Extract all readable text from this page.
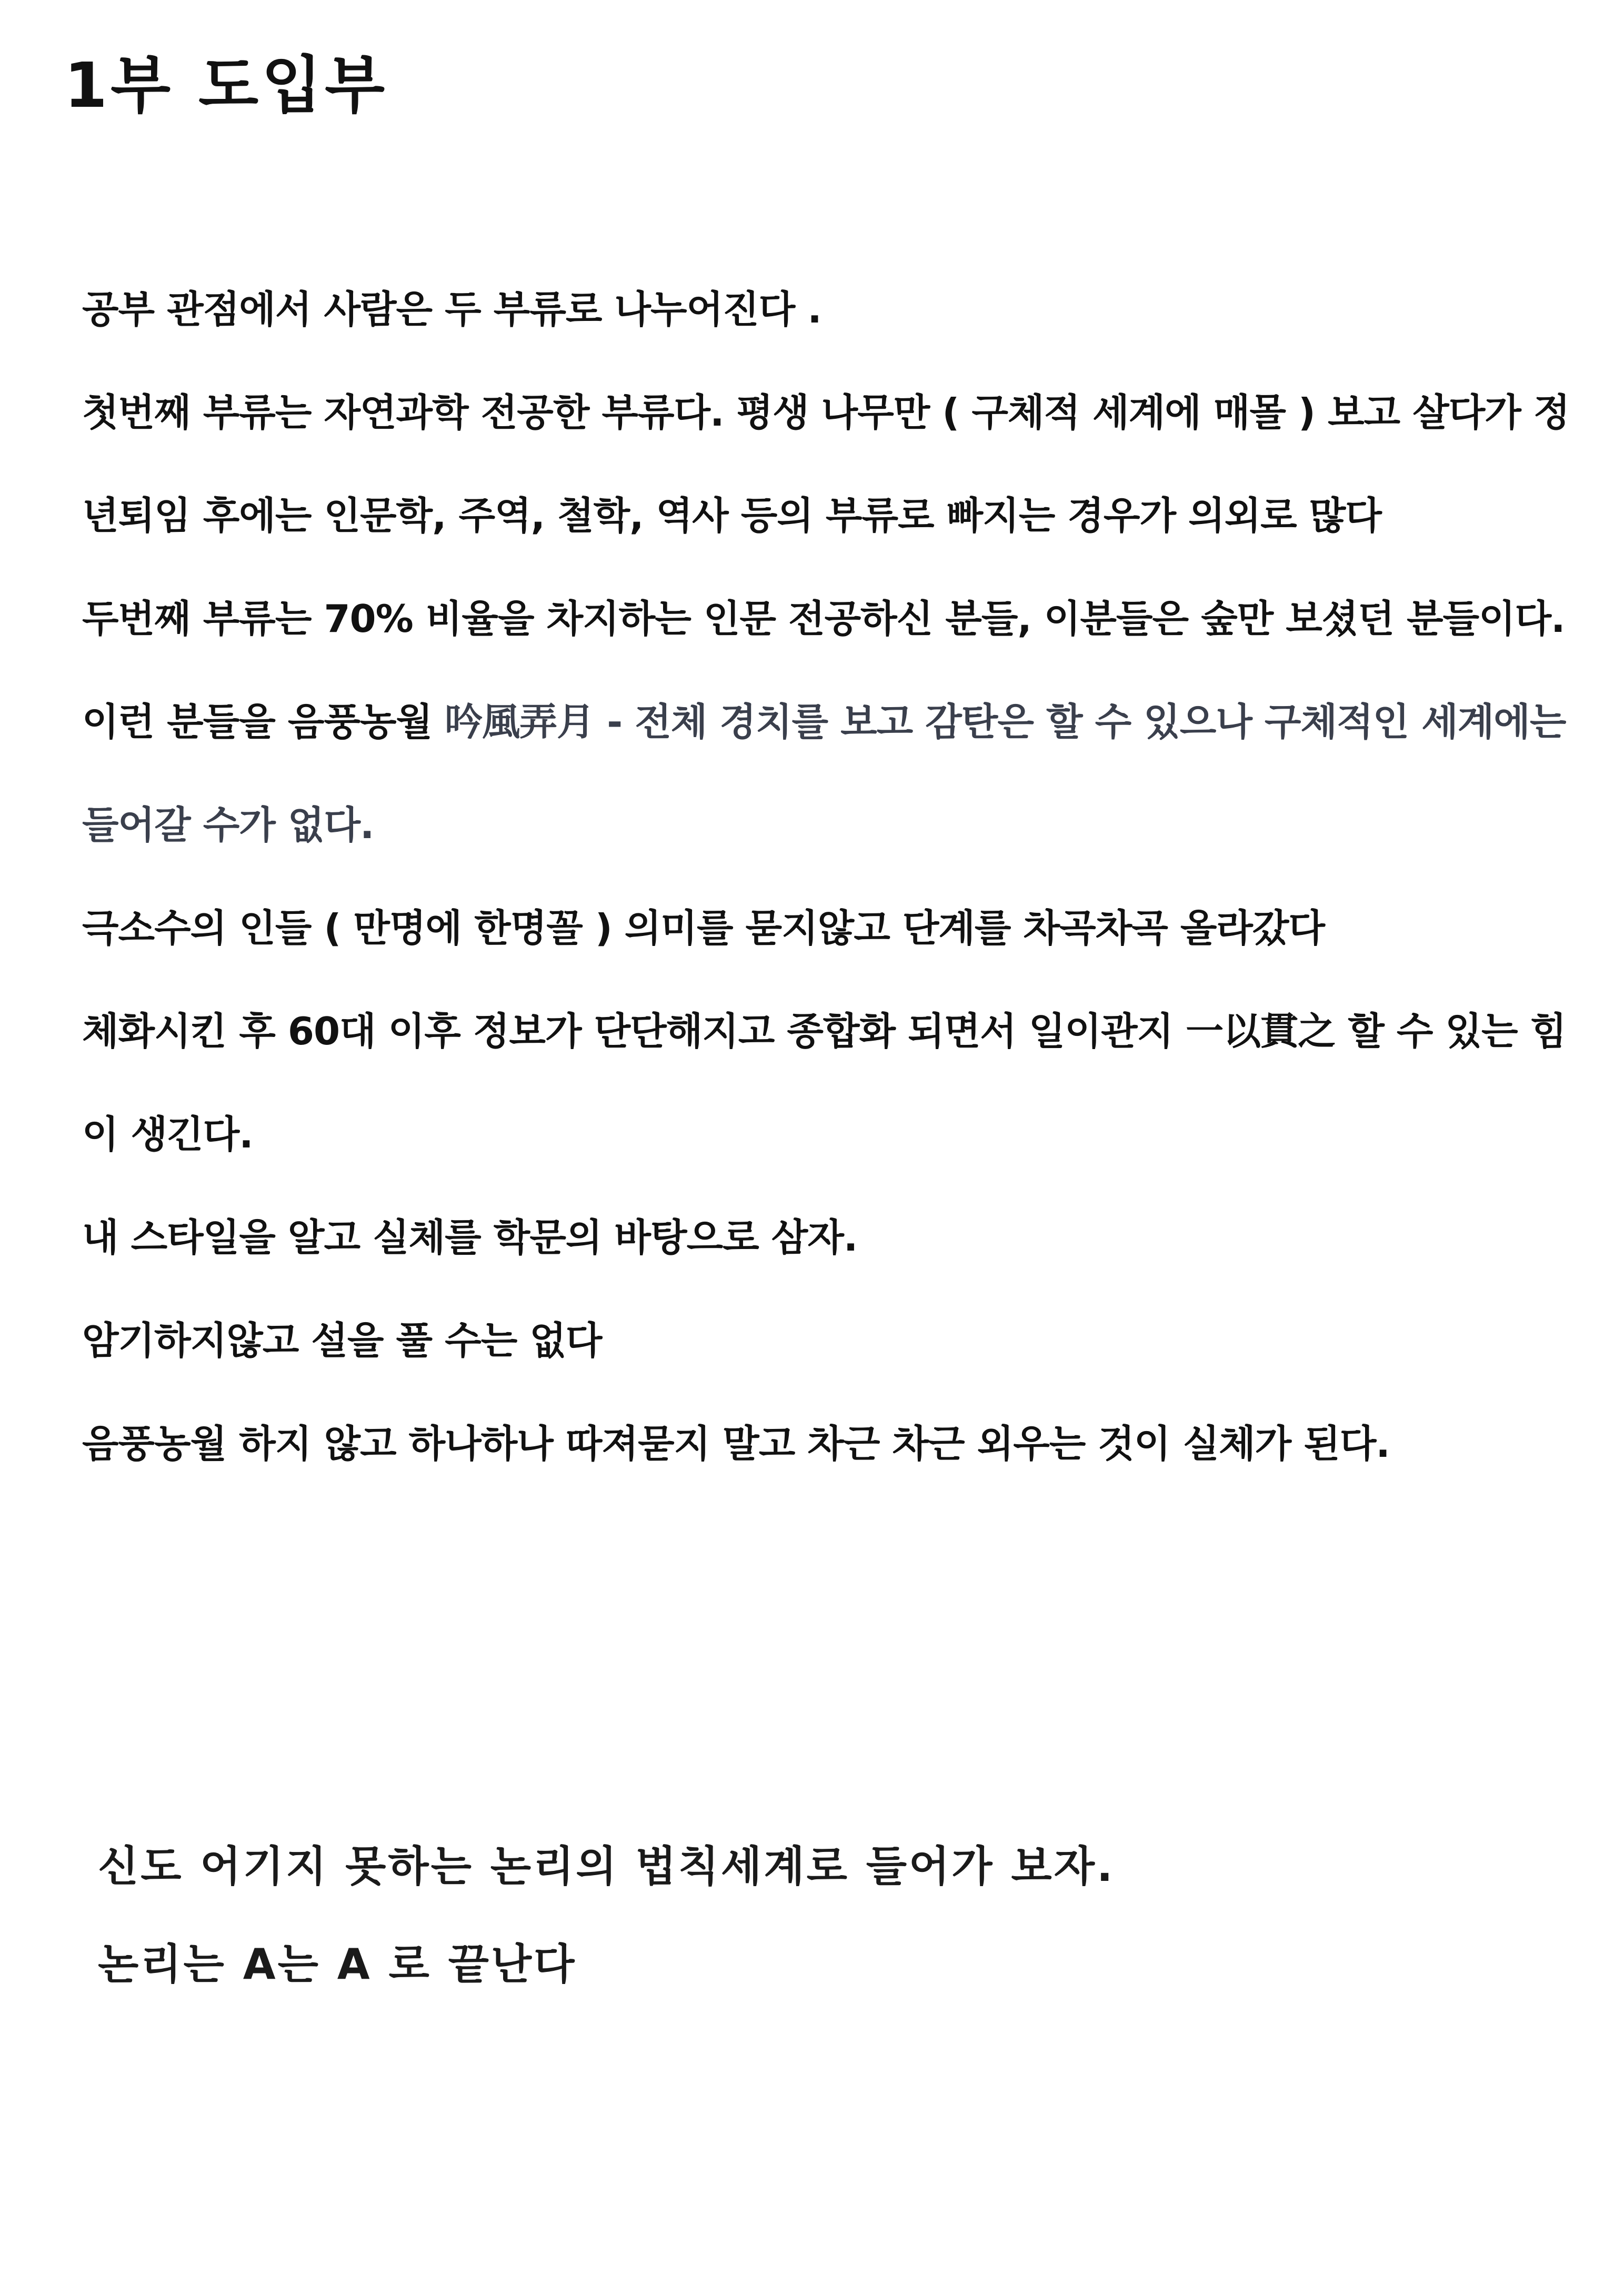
1부 도입부

공부 관점에서 사람은 두 부류로 나누어진다 .

첫번째 부류는 자연과학 전공한 부류다. 평생 나무만 ( 구체적 세계에 매몰 ) 보고 살다가 정

년퇴임 후에는 인문학, 주역, 철학, 역사 등의 부류로 빠지는 경우가 의외로 많다

두번째 부류는 70% 비율을 차지하는 인문 전공하신 분들, 이분들은 숲만 보셨던 분들이다.

이런 분들을 음풍농월 吟風弄月 - 전체 경치를 보고 감탄은 할 수 있으나 구체적인 세계에는

들어갈 수가 없다.

극소수의 인들 ( 만명에 한명꼴 ) 의미를 묻지않고 단계를 차곡차곡 올라갔다

체화시킨 후 60대 이후 정보가 단단해지고 종합화 되면서 일이관지 一以貫之 할 수 있는 힘

이 생긴다.

내 스타일을 알고 실체를 학문의 바탕으로 삼자.

암기하지않고 설을 풀 수는 없다

음풍농월 하지 않고 하나하나 따져묻지 말고 차근 차근 외우는 것이 실체가 된다.

신도 어기지 못하는 논리의 법칙세계로 들어가 보자.

논리는 A는 A 로 끝난다
